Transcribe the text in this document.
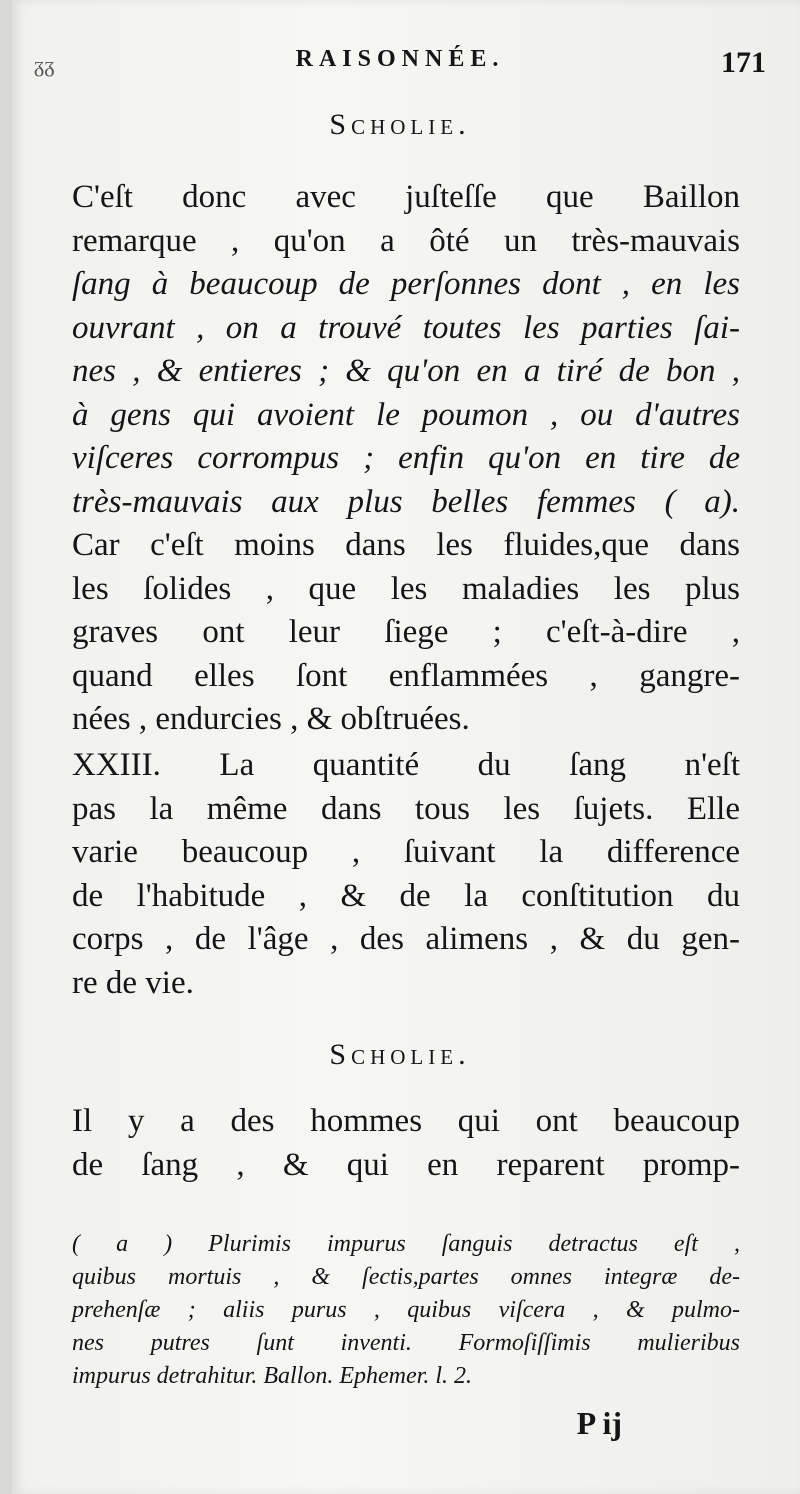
ᵹᵹ	RAISONNÉE.	171
Scholie.
C'eſt donc avec juſteſſe que Baillon
remarque , qu'on a ôté un très-mauvais
ſang à beaucoup de perſonnes dont , en les
ouvrant , on a trouvé toutes les parties ſai-
nes , & entieres ; & qu'on en a tiré de bon ,
à gens qui avoient le poumon , ou d'autres
viſceres corrompus ; enfin qu'on en tire de
très-mauvais aux plus belles femmes ( a).
Car c'eſt moins dans les fluides,que dans
les ſolides , que les maladies les plus
graves ont leur ſiege ; c'eſt-à-dire ,
quand elles ſont enflammées , gangre-
nées , endurcies , & obſtruées.
XXIII. La quantité du ſang n'eſt
pas la même dans tous les ſujets. Elle
varie beaucoup , ſuivant la difference
de l'habitude , & de la conſtitution du
corps , de l'âge , des alimens , & du gen-
re de vie.
Scholie.
Il y a des hommes qui ont beaucoup
de ſang , & qui en reparent promp-
( a ) Plurimis impurus ſanguis detractus eſt ,
quibus mortuis , & ſectis,partes omnes integræ de-
prehenſæ ; aliis purus , quibus viſcera , & pulmo-
nes putres ſunt inventi. Formoſiſſimis mulieribus
impurus detrahitur. Ballon. Ephemer. l. 2.
P ij
